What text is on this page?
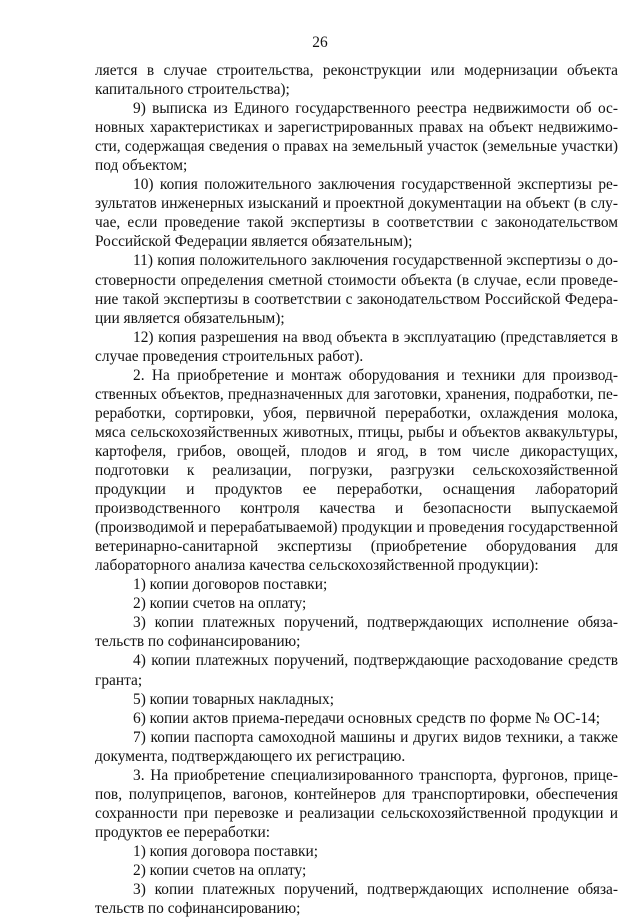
26

ляется в случае строительства, реконструкции или модернизации объекта капитального строительства);

9) выписка из Единого государственного реестра недвижимости об основных характеристиках и зарегистрированных правах на объект недвижимости, содержащая сведения о правах на земельный участок (земельные участки) под объектом;

10) копия положительного заключения государственной экспертизы результатов инженерных изысканий и проектной документации на объект (в случае, если проведение такой экспертизы в соответствии с законодательством Российской Федерации является обязательным);

11) копия положительного заключения государственной экспертизы о достоверности определения сметной стоимости объекта (в случае, если проведение такой экспертизы в соответствии с законодательством Российской Федерации является обязательным);

12) копия разрешения на ввод объекта в эксплуатацию (представляется в случае проведения строительных работ).

2. На приобретение и монтаж оборудования и техники для производственных объектов, предназначенных для заготовки, хранения, подработки, переработки, сортировки, убоя, первичной переработки, охлаждения молока, мяса сельскохозяйственных животных, птицы, рыбы и объектов аквакультуры, картофеля, грибов, овощей, плодов и ягод, в том числе дикорастущих, подготовки к реализации, погрузки, разгрузки сельскохозяйственной продукции и продуктов ее переработки, оснащения лабораторий производственного контроля качества и безопасности выпускаемой (производимой и перерабатываемой) продукции и проведения государственной ветеринарно-санитарной экспертизы (приобретение оборудования для лабораторного анализа качества сельскохозяйственной продукции):

1) копии договоров поставки;

2) копии счетов на оплату;

3) копии платежных поручений, подтверждающих исполнение обязательств по софинансированию;

4) копии платежных поручений, подтверждающие расходование средств гранта;

5) копии товарных накладных;

6) копии актов приема-передачи основных средств по форме № ОС-14;

7) копии паспорта самоходной машины и других видов техники, а также документа, подтверждающего их регистрацию.

3. На приобретение специализированного транспорта, фургонов, прицепов, полуприцепов, вагонов, контейнеров для транспортировки, обеспечения сохранности при перевозке и реализации сельскохозяйственной продукции и продуктов ее переработки:

1) копия договора поставки;

2) копии счетов на оплату;

3) копии платежных поручений, подтверждающих исполнение обязательств по софинансированию;
